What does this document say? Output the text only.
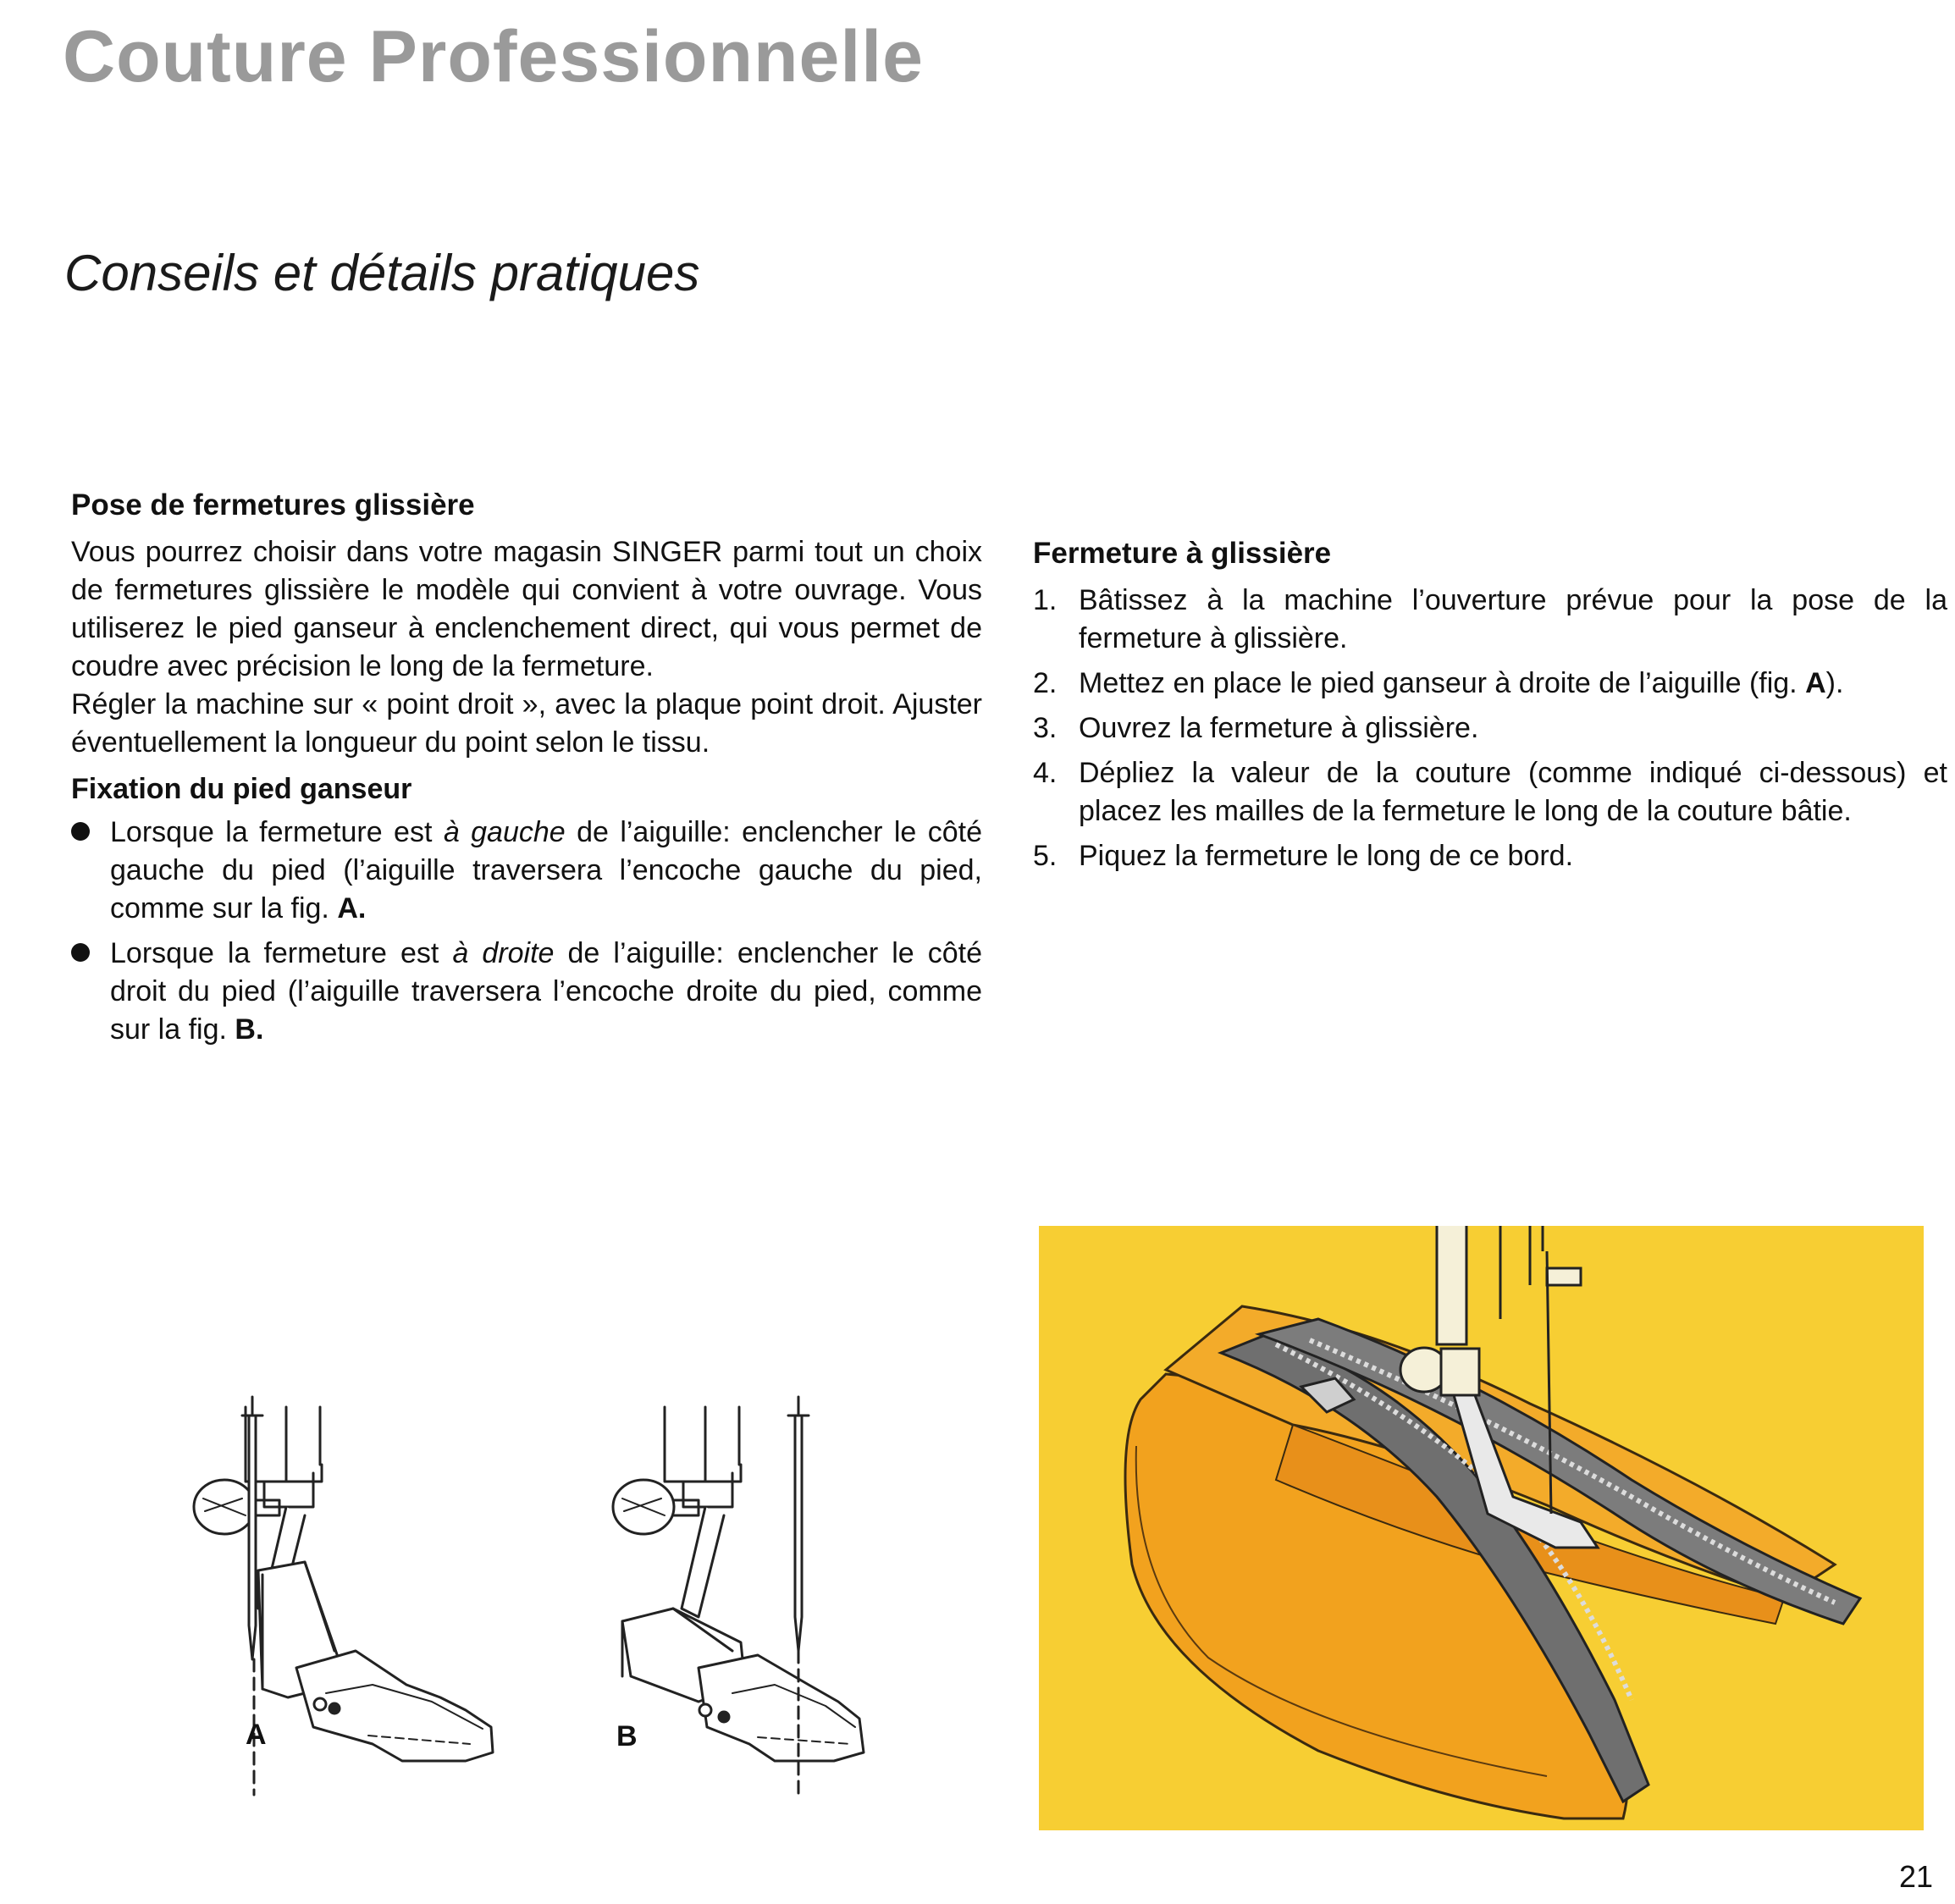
Couture Professionnelle
Conseils et détails pratiques
Pose de fermetures glissière

Vous pourrez choisir dans votre magasin SINGER parmi tout un choix de fermetures glissière le modèle qui convient à votre ouvrage. Vous utiliserez le pied ganseur à enclenchement direct, qui vous permet de coudre avec précision le long de la fermeture.

Régler la machine sur « point droit », avec la plaque point droit. Ajuster éventuellement la longueur du point selon le tissu.

Fixation du pied ganseur
Lorsque la fermeture est à gauche de l’aiguille: enclencher le côté gauche du pied (l’aiguille traversera l’encoche gauche du pied, comme sur la fig. A.
Lorsque la fermeture est à droite de l’aiguille: enclencher le côté droit du pied (l’aiguille traversera l’encoche droite du pied, comme sur la fig. B.
Fermeture à glissière
1. Bâtissez à la machine l’ouverture prévue pour la pose de la fermeture à glissière.
2. Mettez en place le pied ganseur à droite de l’aiguille (fig. A).
3. Ouvrez la fermeture à glissière.
4. Dépliez la valeur de la couture (comme indiqué ci-dessous) et placez les mailles de la fermeture le long de la couture bâtie.
5. Piquez la fermeture le long de ce bord.
A	B
21
